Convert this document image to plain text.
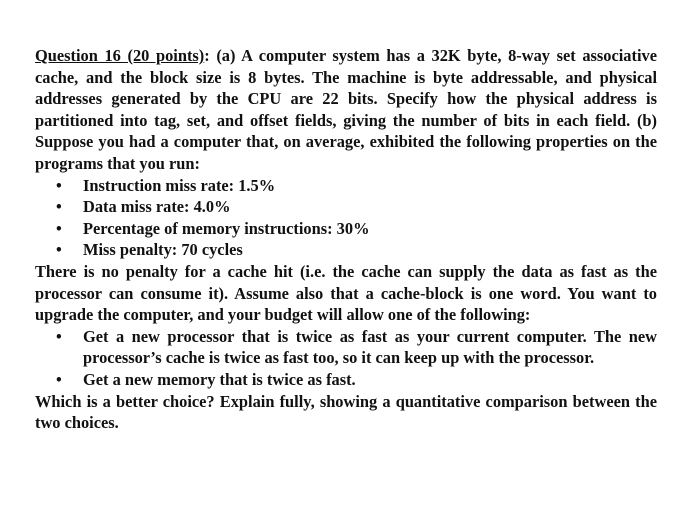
Question 16 (20 points): (a) A computer system has a 32K byte, 8-way set associative cache, and the block size is 8 bytes. The machine is byte addressable, and physical addresses generated by the CPU are 22 bits. Specify how the physical address is partitioned into tag, set, and offset fields, giving the number of bits in each field. (b) Suppose you had a computer that, on average, exhibited the following properties on the programs that you run:

• Instruction miss rate: 1.5%
• Data miss rate: 4.0%
• Percentage of memory instructions: 30%
• Miss penalty: 70 cycles

There is no penalty for a cache hit (i.e. the cache can supply the data as fast as the processor can consume it). Assume also that a cache-block is one word. You want to upgrade the computer, and your budget will allow one of the following:

• Get a new processor that is twice as fast as your current computer. The new processor’s cache is twice as fast too, so it can keep up with the processor.
• Get a new memory that is twice as fast.

Which is a better choice? Explain fully, showing a quantitative comparison between the two choices.
